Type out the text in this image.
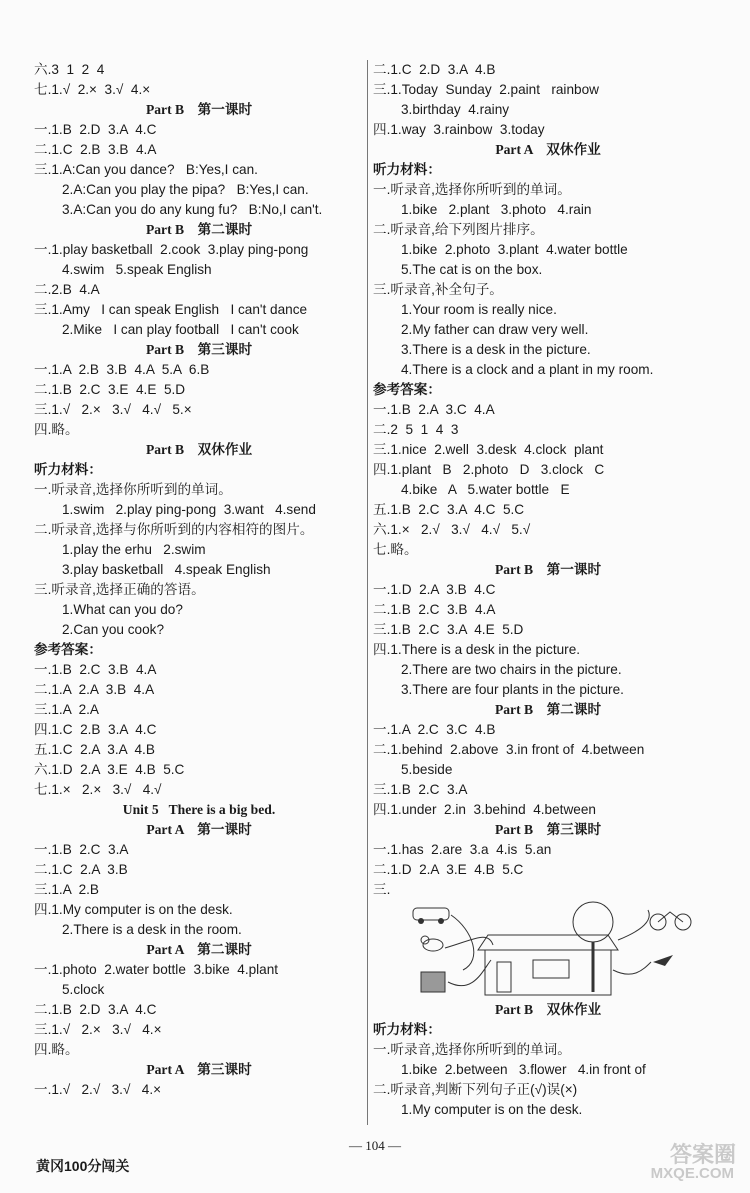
六.3  1  2  4
七.1.√  2.×  3.√  4.×
Part B    第一课时
一.1.B  2.D  3.A  4.C
二.1.C  2.B  3.B  4.A
三.1.A:Can you dance?   B:Yes,I can.
2.A:Can you play the pipa?   B:Yes,I can.
3.A:Can you do any kung fu?   B:No,I can't.
Part B    第二课时
一.1.play basketball  2.cook  3.play ping-pong
4.swim   5.speak English
二.2.B  4.A
三.1.Amy   I can speak English   I can't dance
2.Mike   I can play football   I can't cook
Part B    第三课时
一.1.A  2.B  3.B  4.A  5.A  6.B
二.1.B  2.C  3.E  4.E  5.D
三.1.√   2.×   3.√   4.√   5.×
四.略。
Part B    双休作业
听力材料：
一.听录音,选择你所听到的单词。
1.swim   2.play ping-pong  3.want   4.send
二.听录音,选择与你所听到的内容相符的图片。
1.play the erhu   2.swim
3.play basketball   4.speak English
三.听录音,选择正确的答语。
1.What can you do?
2.Can you cook?
参考答案：
一.1.B  2.C  3.B  4.A
二.1.A  2.A  3.B  4.A
三.1.A  2.A
四.1.C  2.B  3.A  4.C
五.1.C  2.A  3.A  4.B
六.1.D  2.A  3.E  4.B  5.C
七.1.×   2.×   3.√   4.√
Unit 5   There is a big bed.
Part A    第一课时
一.1.B  2.C  3.A
二.1.C  2.A  3.B
三.1.A  2.B
四.1.My computer is on the desk.
2.There is a desk in the room.
Part A    第二课时
一.1.photo  2.water bottle  3.bike  4.plant
5.clock
二.1.B  2.D  3.A  4.C
三.1.√   2.×   3.√   4.×
四.略。
Part A    第三课时
一.1.√   2.√   3.√   4.×
二.1.C  2.D  3.A  4.B
三.1.Today  Sunday  2.paint   rainbow
3.birthday  4.rainy
四.1.way  3.rainbow  3.today
Part A    双休作业
听力材料：
一.听录音,选择你所听到的单词。
1.bike   2.plant   3.photo   4.rain
二.听录音,给下列图片排序。
1.bike  2.photo  3.plant  4.water bottle
5.The cat is on the box.
三.听录音,补全句子。
1.Your room is really nice.
2.My father can draw very well.
3.There is a desk in the picture.
4.There is a clock and a plant in my room.
参考答案：
一.1.B  2.A  3.C  4.A
二.2  5  1  4  3
三.1.nice  2.well  3.desk  4.clock  plant
四.1.plant   B   2.photo   D   3.clock   C
4.bike   A   5.water bottle   E
五.1.B  2.C  3.A  4.C  5.C
六.1.×   2.√   3.√   4.√   5.√
七.略。
Part B    第一课时
一.1.D  2.A  3.B  4.C
二.1.B  2.C  3.B  4.A
三.1.B  2.C  3.A  4.E  5.D
四.1.There is a desk in the picture.
2.There are two chairs in the picture.
3.There are four plants in the picture.
Part B    第二课时
一.1.A  2.C  3.C  4.B
二.1.behind  2.above  3.in front of  4.between
5.beside
三.1.B  2.C  3.A
四.1.under  2.in  3.behind  4.between
Part B    第三课时
一.1.has  2.are  3.a  4.is  5.an
二.1.D  2.A  3.E  4.B  5.C
三.
Part B    双休作业
听力材料：
一.听录音,选择你所听到的单词。
1.bike  2.between   3.flower   4.in front of
二.听录音,判断下列句子正(√)误(×)
1.My computer is on the desk.
— 104 —
黄冈100分闯关	答案圈
MXQE.COM
